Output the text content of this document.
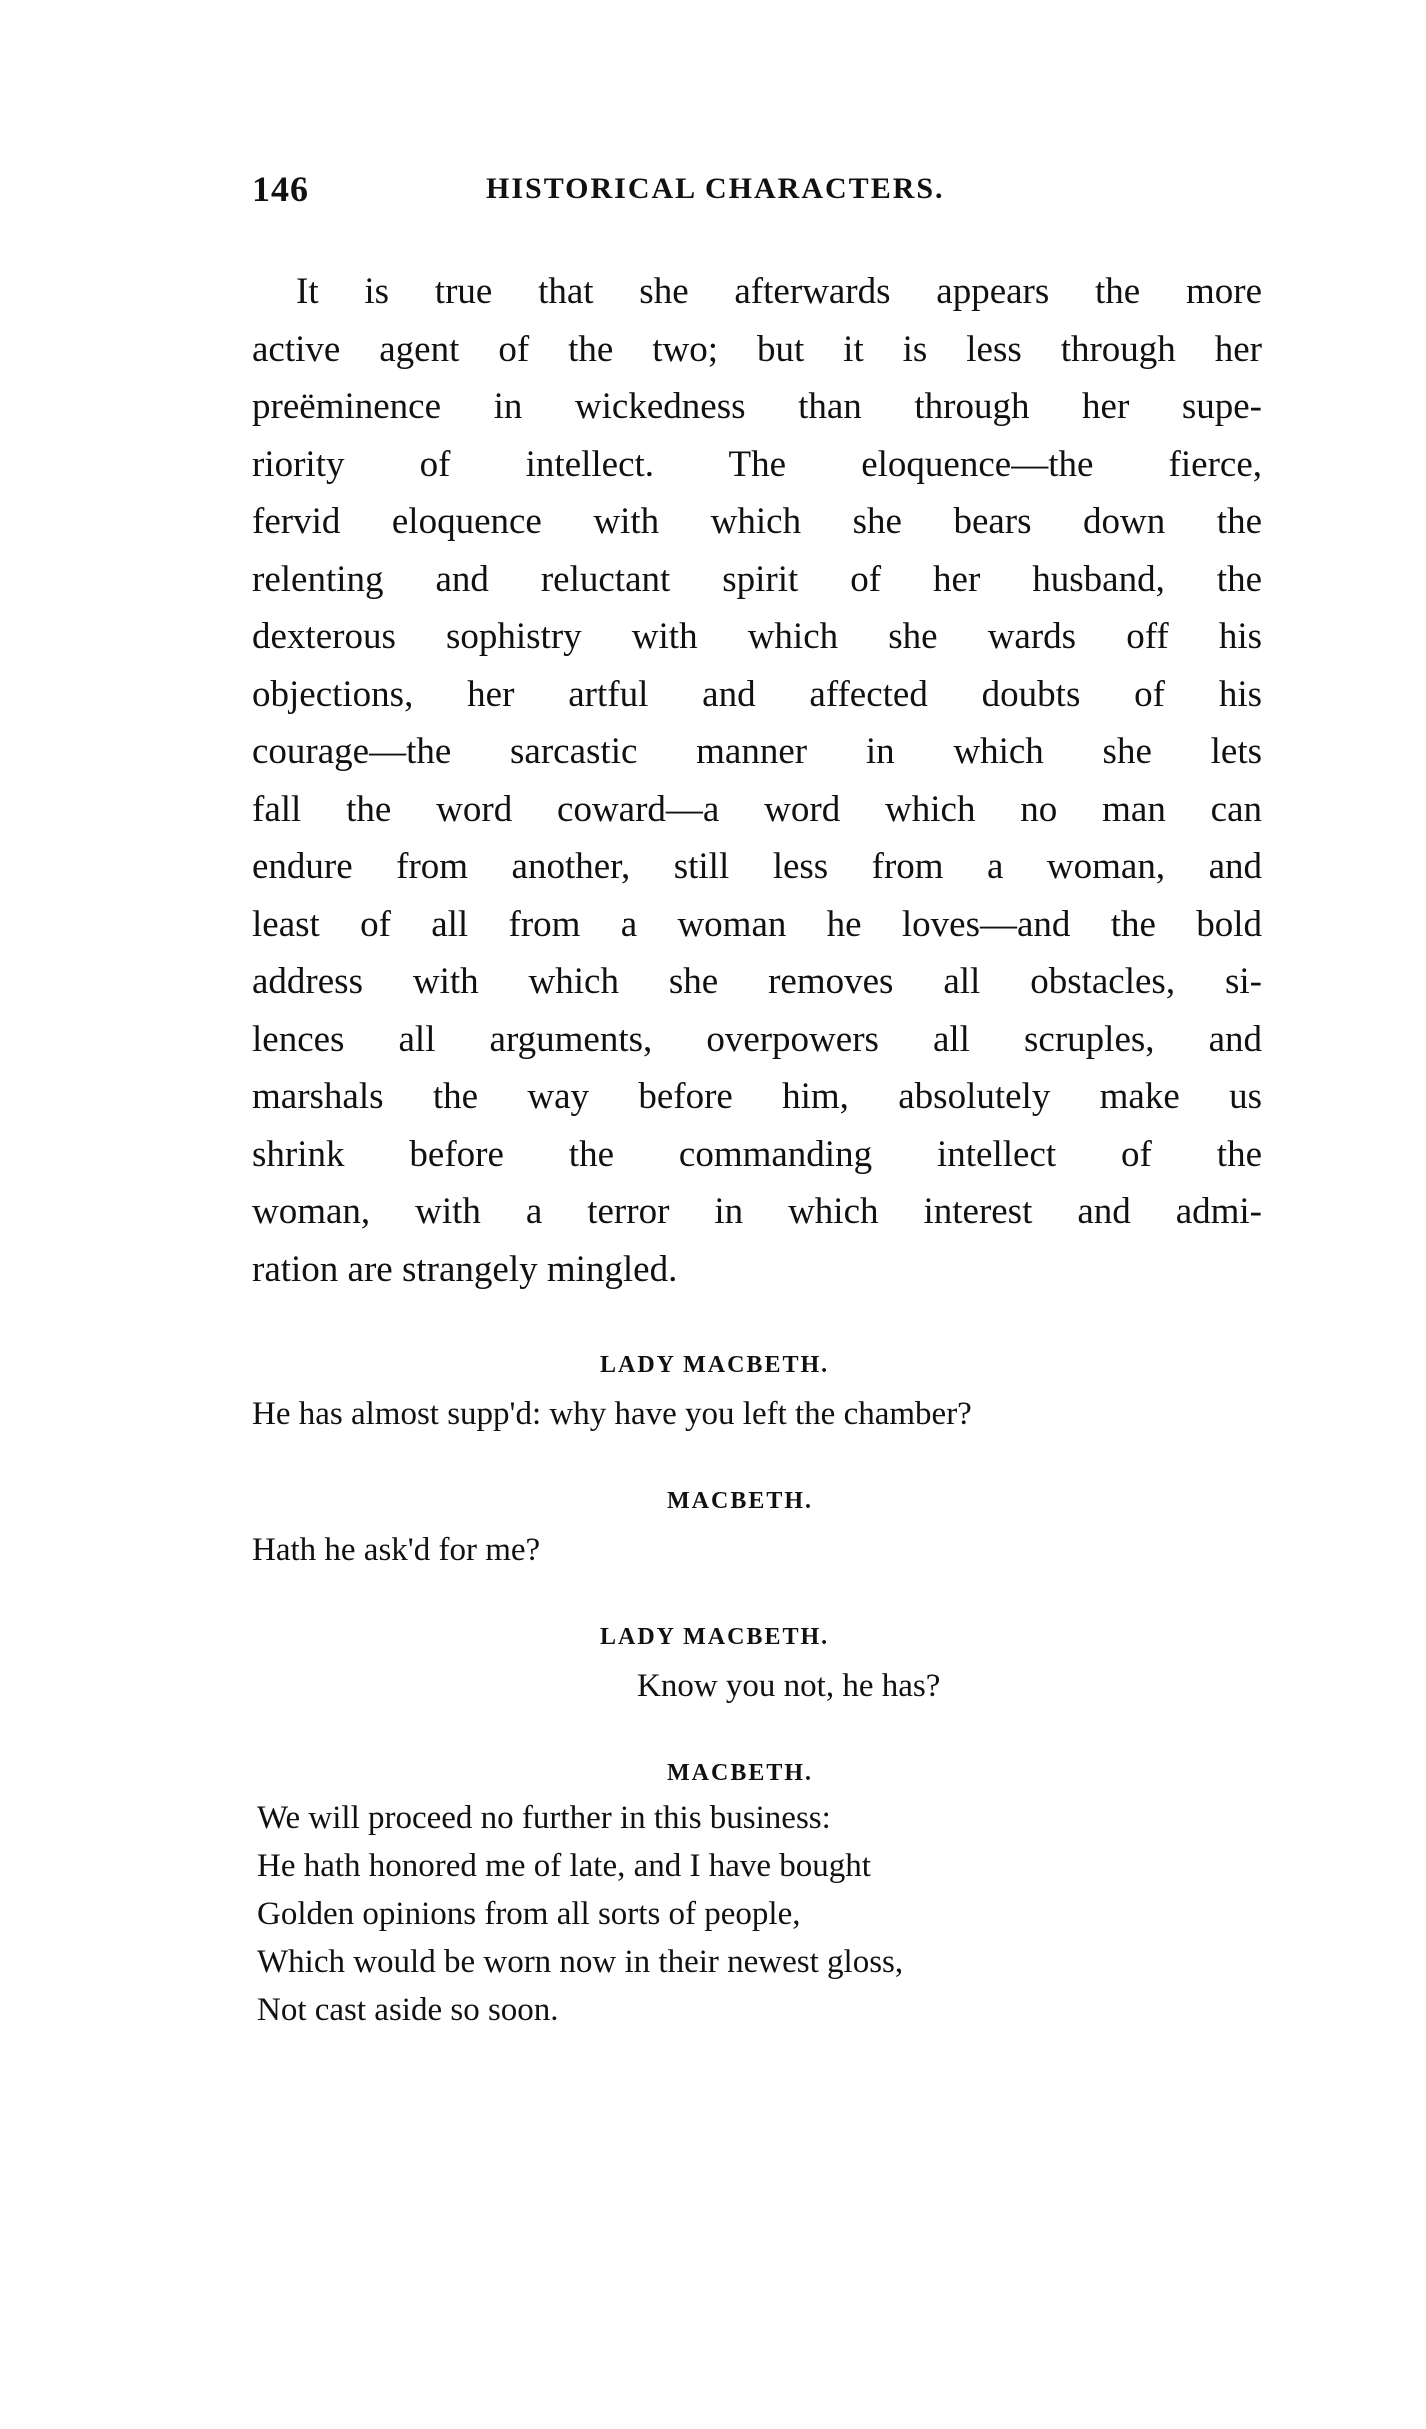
146	HISTORICAL CHARACTERS.
It is true that she afterwards appears the more
active agent of the two; but it is less through her
preëminence in wickedness than through her supe-
riority of intellect. The eloquence—the fierce,
fervid eloquence with which she bears down the
relenting and reluctant spirit of her husband, the
dexterous sophistry with which she wards off his
objections, her artful and affected doubts of his
courage—the sarcastic manner in which she lets
fall the word coward—a word which no man can
endure from another, still less from a woman, and
least of all from a woman he loves—and the bold
address with which she removes all obstacles, si-
lences all arguments, overpowers all scruples, and
marshals the way before him, absolutely make us
shrink before the commanding intellect of the
woman, with a terror in which interest and admi-
ration are strangely mingled.
LADY MACBETH.
He has almost supp'd: why have you left the chamber?
MACBETH.
Hath he ask'd for me?
LADY MACBETH.
Know you not, he has?
MACBETH.
We will proceed no further in this business:
He hath honored me of late, and I have bought
Golden opinions from all sorts of people,
Which would be worn now in their newest gloss,
Not cast aside so soon.
